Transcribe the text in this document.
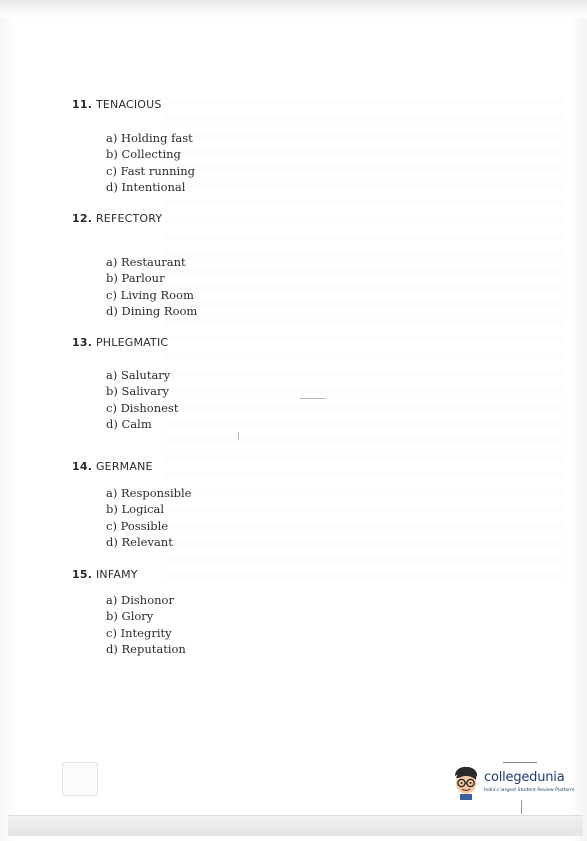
11. TENACIOUS
a) Holding fast
b) Collecting
c) Fast running
d) Intentional
12. REFECTORY
a) Restaurant
b) Parlour
c) Living Room
d) Dining Room
13. PHLEGMATIC
a) Salutary
b) Salivary
c) Dishonest
d) Calm
14. GERMANE
a) Responsible
b) Logical
c) Possible
d) Relevant
15. INFAMY
a) Dishonor
b) Glory
c) Integrity
d) Reputation
collegedunia
India's largest Student Review Platform
